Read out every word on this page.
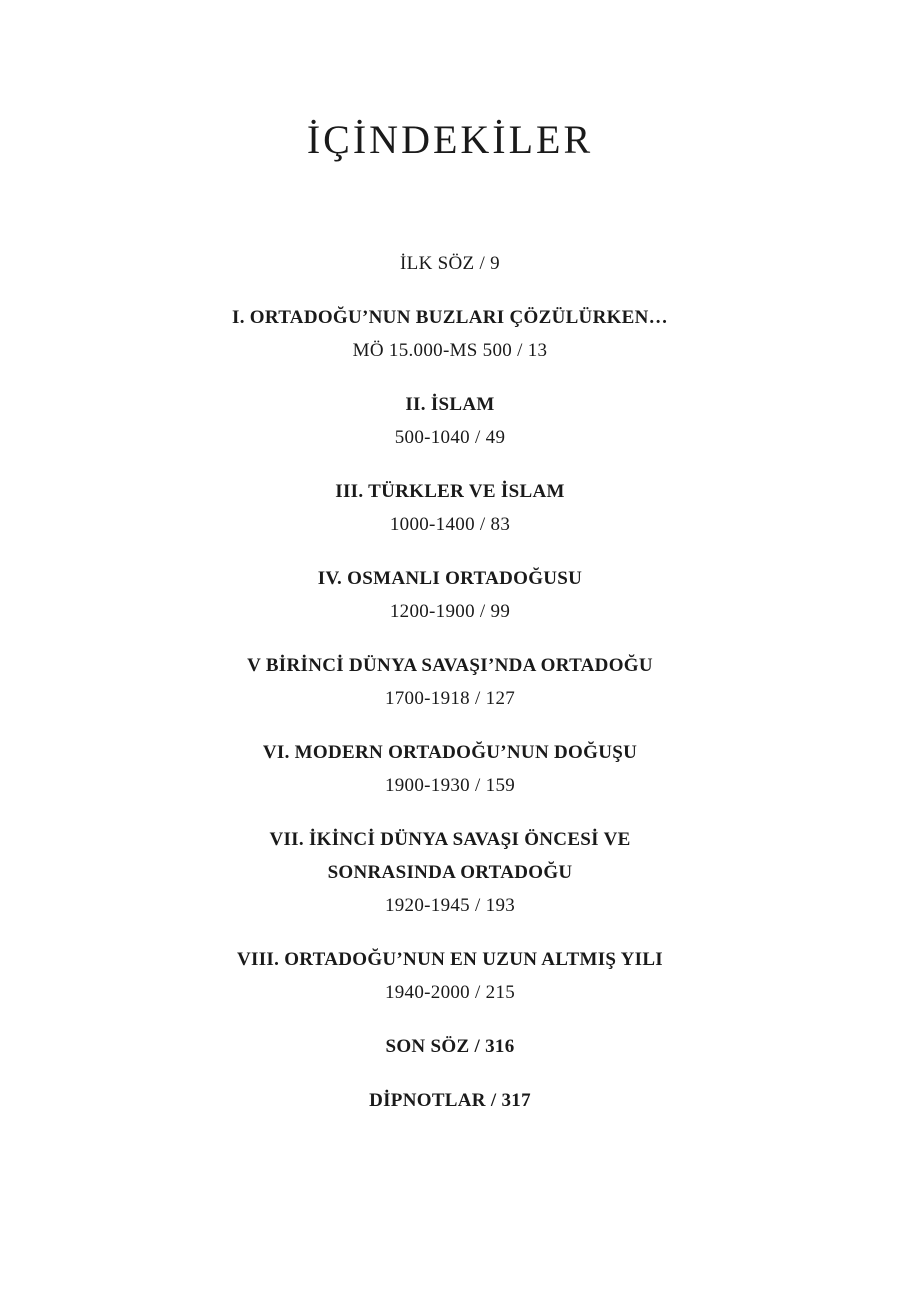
İÇİNDEKİLER
İLK SÖZ / 9
I. ORTADOĞU’NUN BUZLARI ÇÖZÜLÜRKEN…
MÖ 15.000-MS 500 / 13
II. İSLAM
500-1040 / 49
III. TÜRKLER VE İSLAM
1000-1400 / 83
IV. OSMANLI ORTADOĞUSU
1200-1900 / 99
V BİRİNCİ DÜNYA SAVAŞI’NDA ORTADOĞU
1700-1918 / 127
VI. MODERN ORTADOĞU’NUN DOĞUŞU
1900-1930 / 159
VII. İKİNCİ DÜNYA SAVAŞI ÖNCESİ VE
SONRASINDA ORTADOĞU
1920-1945 / 193
VIII. ORTADOĞU’NUN EN UZUN ALTMIŞ YILI
1940-2000 / 215
SON SÖZ / 316
DİPNOTLAR / 317
